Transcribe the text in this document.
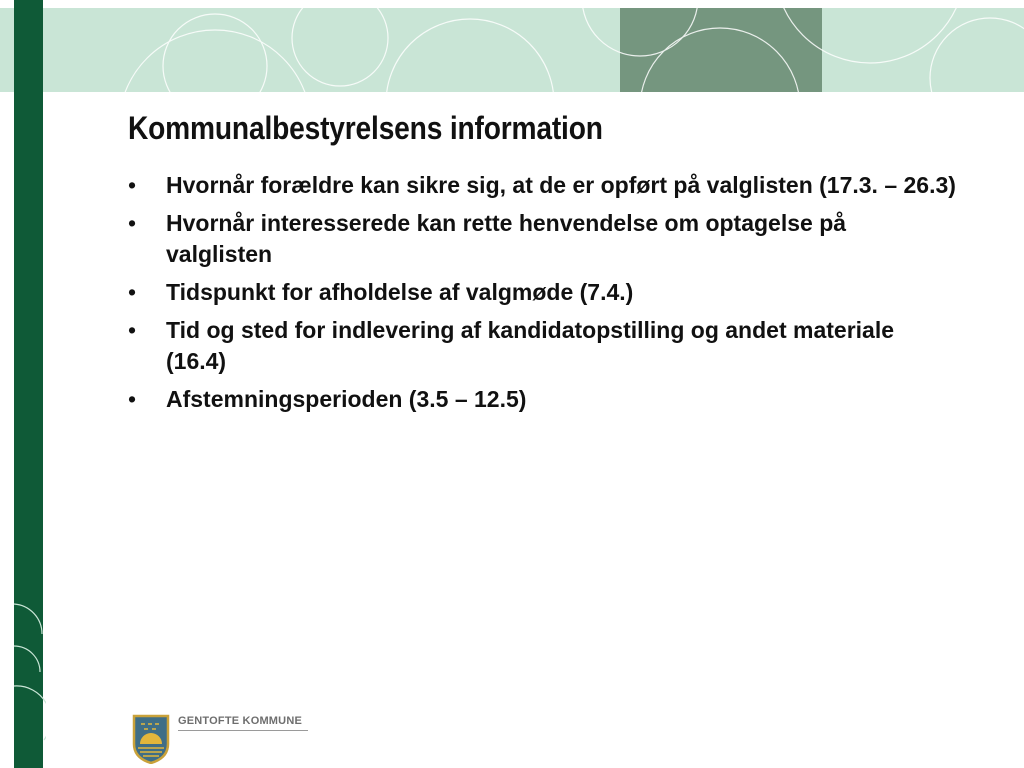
Kommunalbestyrelsens information
• Hvornår forældre kan sikre sig, at de er opført på valglisten (17.3. – 26.3)
• Hvornår interesserede kan rette henvendelse om optagelse på valglisten
• Tidspunkt for afholdelse af valgmøde (7.4.)
• Tid og sted for indlevering af kandidatopstilling og andet materiale (16.4)
• Afstemningsperioden (3.5 – 12.5)
GENTOFTE KOMMUNE
